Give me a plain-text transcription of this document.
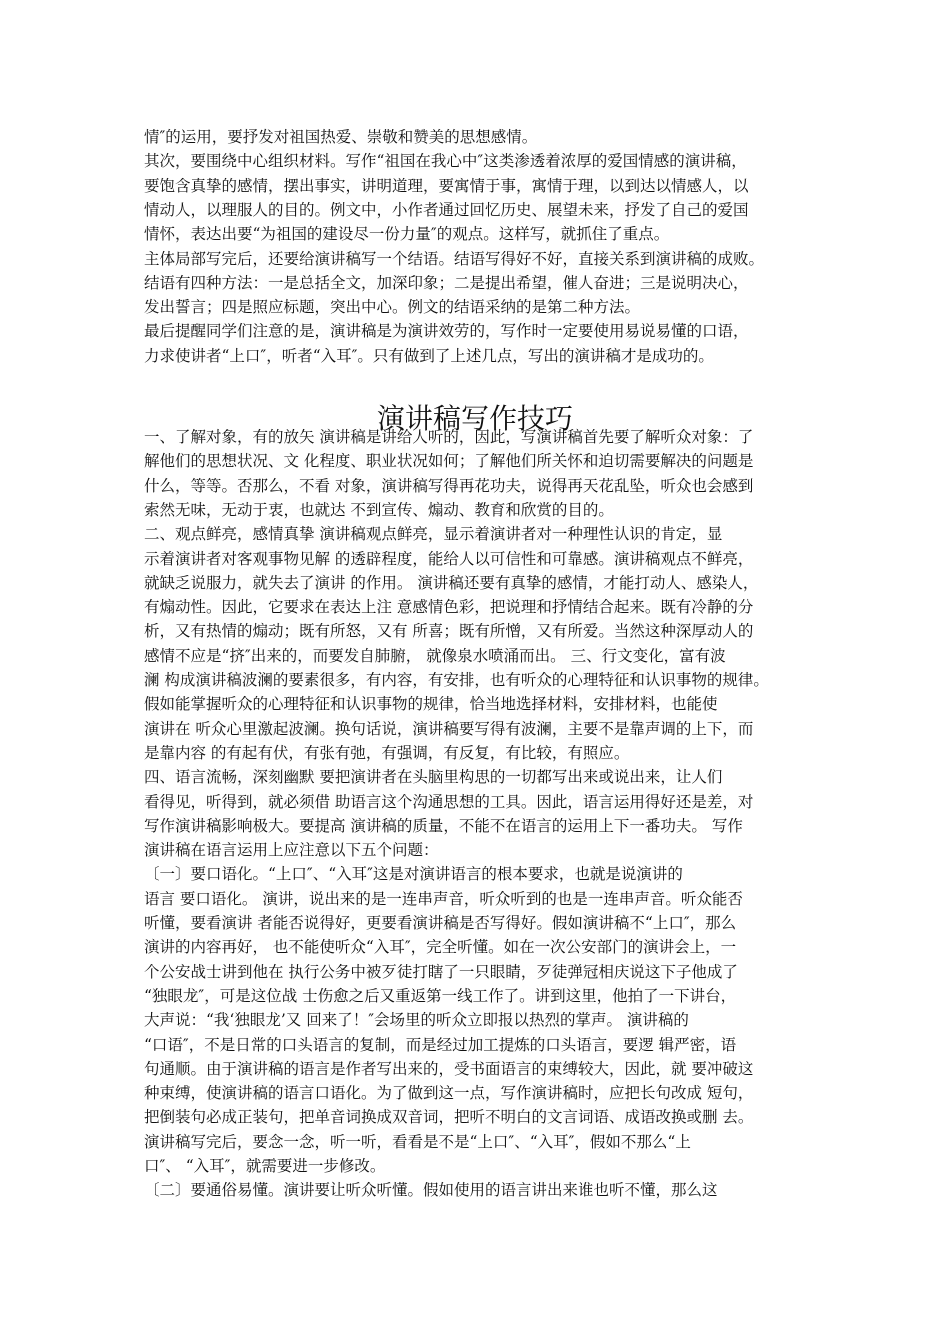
情″的运用，要抒发对祖国热爱、崇敬和赞美的思想感情。
其次，要围绕中心组织材料。写作“祖国在我心中″这类渗透着浓厚的爱国情感的演讲稿，
要饱含真挚的感情，摆出事实，讲明道理，要寓情于事，寓情于理，以到达以情感人，以
情动人，以理服人的目的。例文中，小作者通过回忆历史、展望未来，抒发了自己的爱国
情怀，表达出要“为祖国的建设尽一份力量″的观点。这样写，就抓住了重点。
主体局部写完后，还要给演讲稿写一个结语。结语写得好不好，直接关系到演讲稿的成败。
结语有四种方法：一是总括全文，加深印象；二是提出希望，催人奋进；三是说明决心，
发出誓言；四是照应标题，突出中心。例文的结语采纳的是第二种方法。
最后提醒同学们注意的是，演讲稿是为演讲效劳的，写作时一定要使用易说易懂的口语，
力求使讲者“上口″，听者“入耳″。只有做到了上述几点，写出的演讲稿才是成功的。
演讲稿写作技巧
一、了解对象，有的放矢 演讲稿是讲给人听的，因此，写演讲稿首先要了解听众对象：了
解他们的思想状况、文 化程度、职业状况如何；了解他们所关怀和迫切需要解决的问题是
什么，等等。否那么，不看 对象，演讲稿写得再花功夫，说得再天花乱坠，听众也会感到
索然无味，无动于衷，也就达 不到宣传、煽动、教育和欣赏的目的。
二、观点鲜亮，感情真挚 演讲稿观点鲜亮，显示着演讲者对一种理性认识的肯定，显
示着演讲者对客观事物见解 的透辟程度，能给人以可信性和可靠感。演讲稿观点不鲜亮，
就缺乏说服力，就失去了演讲 的作用。 演讲稿还要有真挚的感情，才能打动人、感染人，
有煽动性。因此，它要求在表达上注 意感情色彩，把说理和抒情结合起来。既有冷静的分
析，又有热情的煽动；既有所怒，又有 所喜；既有所憎，又有所爱。当然这种深厚动人的
感情不应是“挤″出来的，而要发自肺腑， 就像泉水喷涌而出。 三、行文变化，富有波
澜 构成演讲稿波澜的要素很多，有内容，有安排，也有听众的心理特征和认识事物的规律。
假如能掌握听众的心理特征和认识事物的规律，恰当地选择材料，安排材料，也能使
演讲在 听众心里激起波澜。换句话说，演讲稿要写得有波澜，主要不是靠声调的上下，而
是靠内容 的有起有伏，有张有弛，有强调，有反复，有比较，有照应。
四、语言流畅，深刻幽默 要把演讲者在头脑里构思的一切都写出来或说出来，让人们
看得见，听得到，就必须借 助语言这个沟通思想的工具。因此，语言运用得好还是差，对
写作演讲稿影响极大。要提高 演讲稿的质量，不能不在语言的运用上下一番功夫。 写作
演讲稿在语言运用上应注意以下五个问题：
〔一〕要口语化。“上口″、“入耳″这是对演讲语言的根本要求，也就是说演讲的
语言 要口语化。 演讲，说出来的是一连串声音，听众听到的也是一连串声音。听众能否
听懂，要看演讲 者能否说得好，更要看演讲稿是否写得好。假如演讲稿不“上口″，那么
演讲的内容再好， 也不能使听众“入耳″，完全听懂。如在一次公安部门的演讲会上，一
个公安战士讲到他在 执行公务中被歹徒打瞎了一只眼睛，歹徒弹冠相庆说这下子他成了
“独眼龙″，可是这位战 士伤愈之后又重返第一线工作了。讲到这里，他拍了一下讲台，
大声说：“我‘独眼龙’又 回来了！″会场里的听众立即报以热烈的掌声。 演讲稿的
“口语″，不是日常的口头语言的复制，而是经过加工提炼的口头语言，要逻 辑严密，语
句通顺。由于演讲稿的语言是作者写出来的，受书面语言的束缚较大，因此，就 要冲破这
种束缚，使演讲稿的语言口语化。为了做到这一点，写作演讲稿时，应把长句改成 短句，
把倒装句必成正装句，把单音词换成双音词，把听不明白的文言词语、成语改换或删 去。
演讲稿写完后，要念一念，听一听，看看是不是“上口″、“入耳″，假如不那么“上
口″、 “入耳″，就需要进一步修改。
〔二〕要通俗易懂。演讲要让听众听懂。假如使用的语言讲出来谁也听不懂，那么这
